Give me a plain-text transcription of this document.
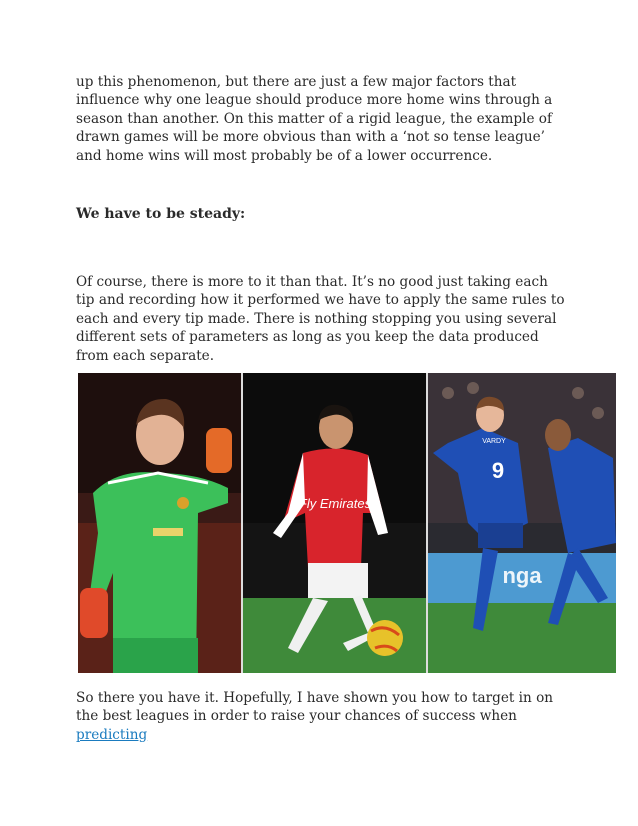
up this phenomenon, but there are just a few major factors that influence why one league should produce more home wins through a season than another. On this matter of a rigid league, the example of drawn games will be more obvious than with a ‘not so tense league’ and home wins will most probably be of a lower occurrence.
We have to be steady:
Of course, there is more to it than that. It’s no good just taking each tip and recording how it performed we have to apply the same rules to each and every tip made. There is nothing stopping you using several different sets of parameters as long as you keep the data produced from each separate.
Fly Emirates
9
VARDY
nga
So there you have it. Hopefully, I have shown you how to target in on the best leagues in order to raise your chances of success when predicting
